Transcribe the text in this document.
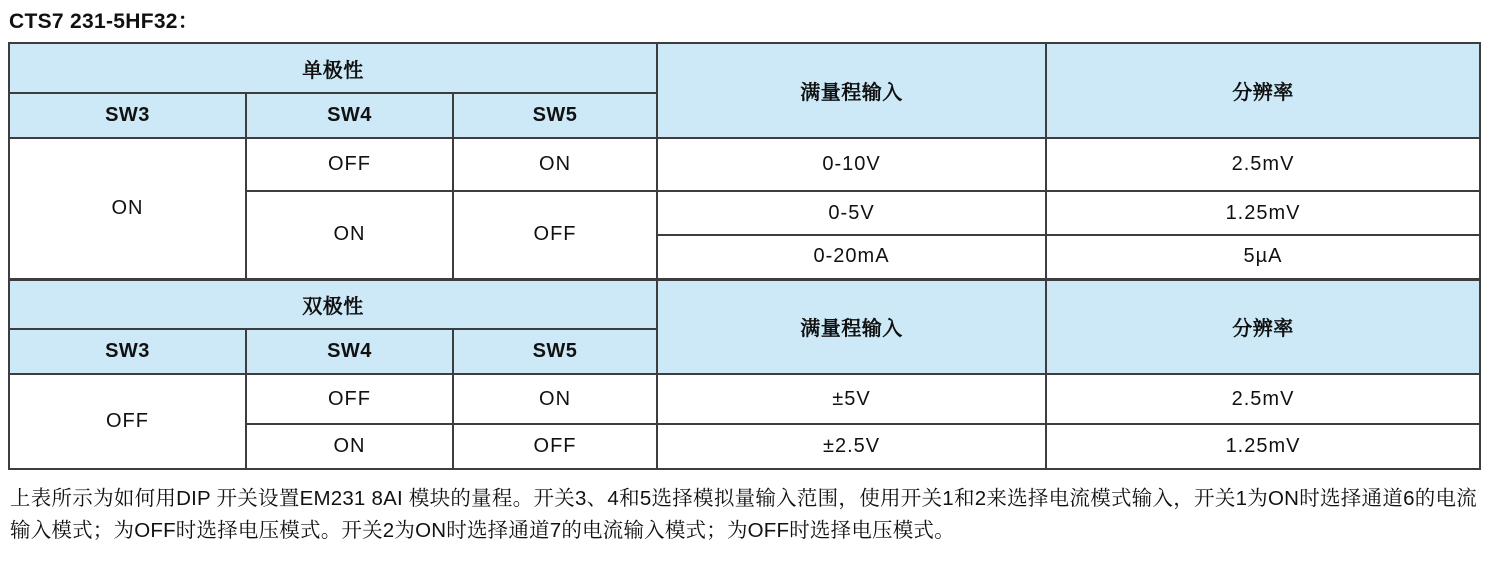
CTS7 231-5HF32：
单极性			满量程输入	分辨率
SW3	SW4	SW5		
ON	OFF	ON	0-10V	2.5mV
	ON	OFF	0-5V	1.25mV
			0-20mA	5µA
双极性			满量程输入	分辨率
SW3	SW4	SW5		
OFF	OFF	ON	±5V	2.5mV
	ON	OFF	±2.5V	1.25mV

上表所示为如何用DIP 开关设置EM231 8AI 模块的量程。开关3、4和5选择模拟量输入范围，使用开关1和2来选择电流模式输入，开关1为ON时选择通道6的电流输入模式；为OFF时选择电压模式。开关2为ON时选择通道7的电流输入模式；为OFF时选择电压模式。
